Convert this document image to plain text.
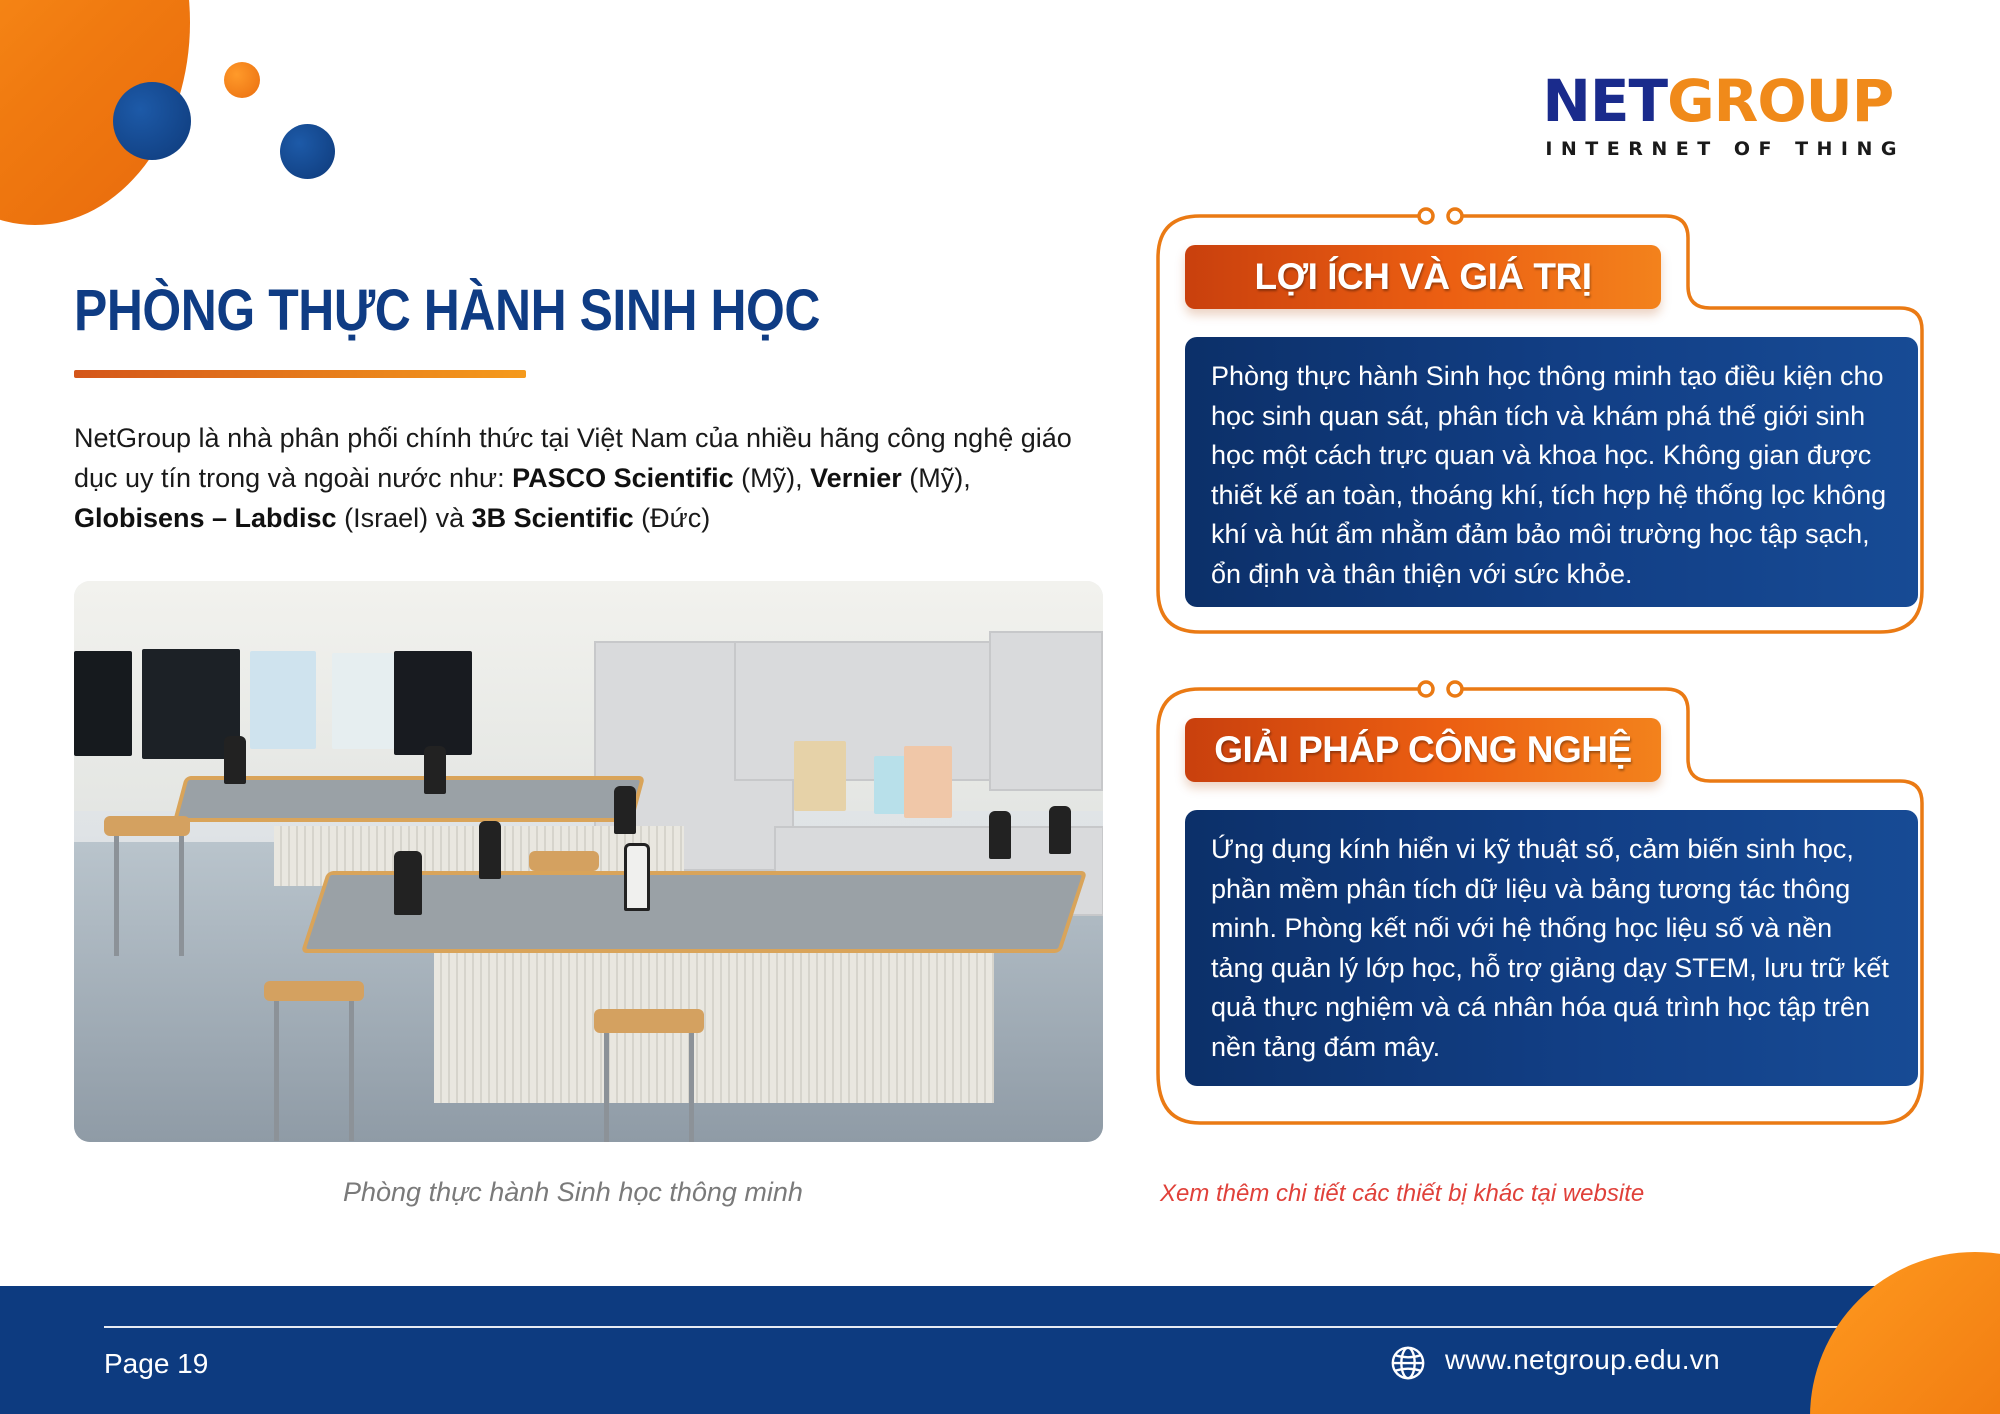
NETGROUP
INTERNET OF THING
PHÒNG THỰC HÀNH SINH HỌC

NetGroup là nhà phân phối chính thức tại Việt Nam của nhiều hãng công nghệ giáo dục uy tín trong và ngoài nước như: PASCO Scientific (Mỹ), Vernier (Mỹ), Globisens – Labdisc (Israel) và 3B Scientific (Đức)

Phòng thực hành Sinh học thông minh	Xem thêm chi tiết các thiết bị khác tại website
LỢI ÍCH VÀ GIÁ TRỊ
Phòng thực hành Sinh học thông minh tạo điều kiện cho học sinh quan sát, phân tích và khám phá thế giới sinh học một cách trực quan và khoa học. Không gian được thiết kế an toàn, thoáng khí, tích hợp hệ thống lọc không khí và hút ẩm nhằm đảm bảo môi trường học tập sạch, ổn định và thân thiện với sức khỏe.
GIẢI PHÁP CÔNG NGHỆ
Ứng dụng kính hiển vi kỹ thuật số, cảm biến sinh học, phần mềm phân tích dữ liệu và bảng tương tác thông minh. Phòng kết nối với hệ thống học liệu số và nền tảng quản lý lớp học, hỗ trợ giảng dạy STEM, lưu trữ kết quả thực nghiệm và cá nhân hóa quá trình học tập trên nền tảng đám mây.
Page 19	www.netgroup.edu.vn
